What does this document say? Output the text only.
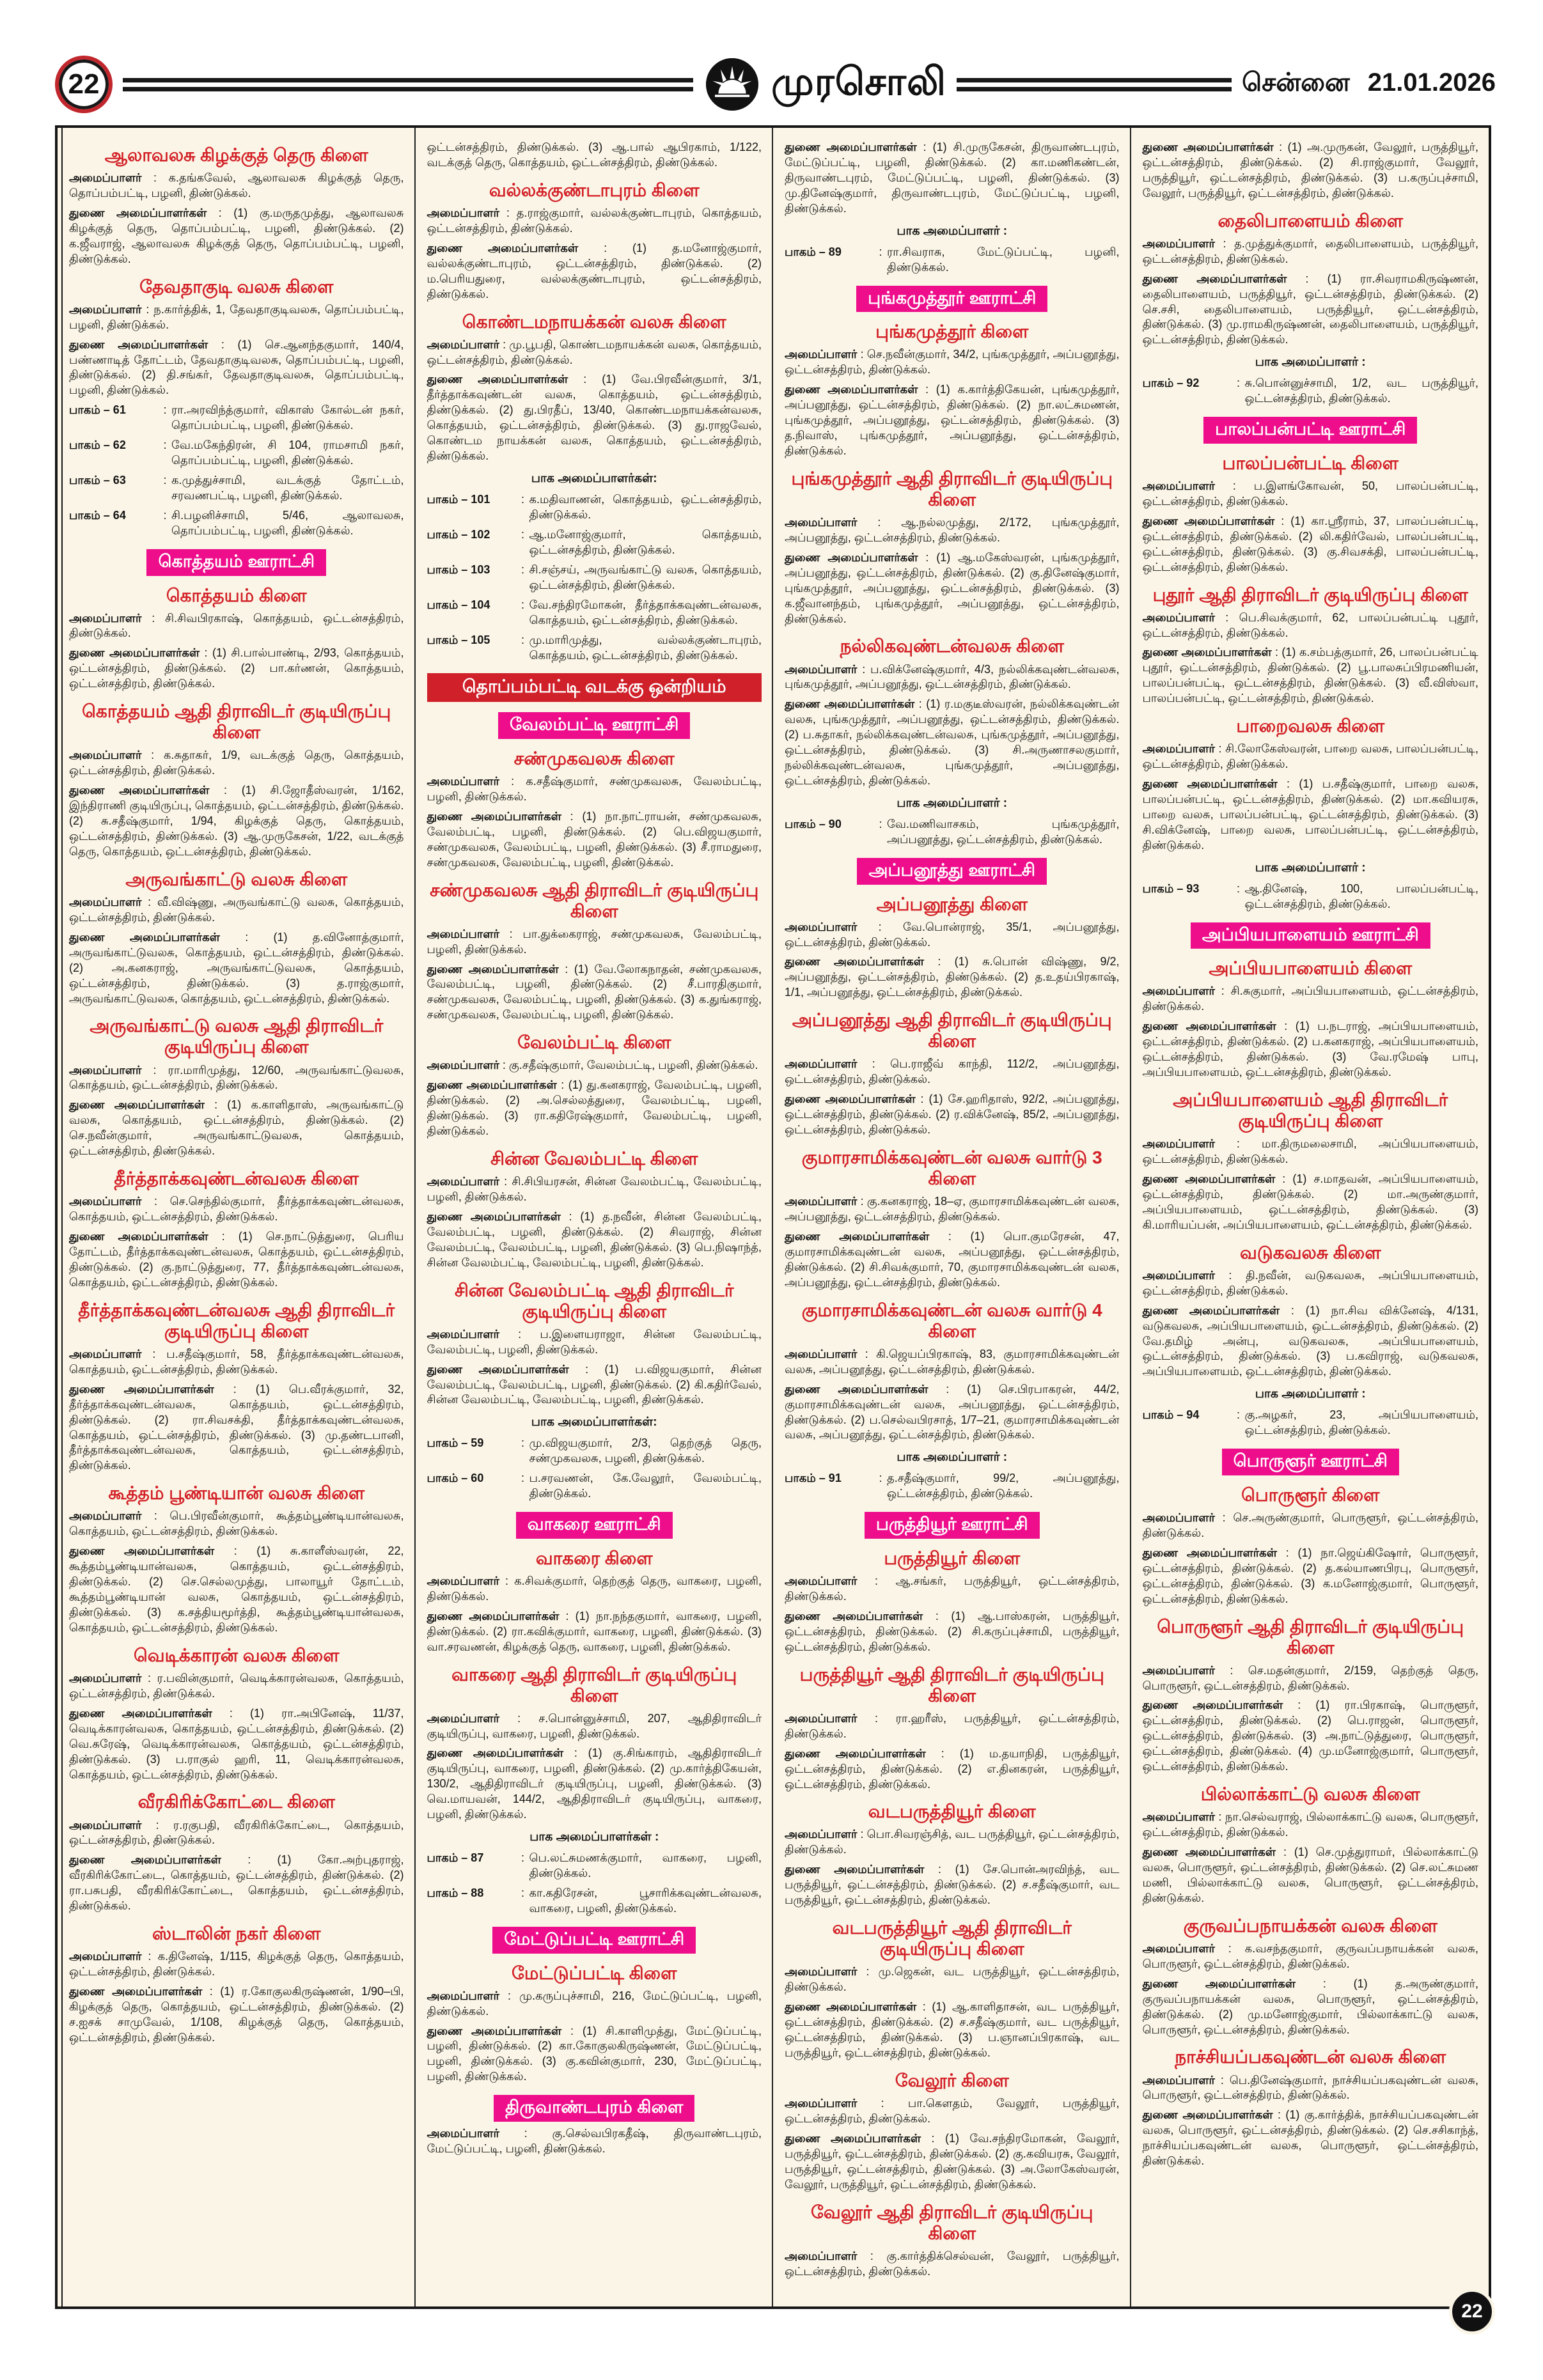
22	முரசொலி	சென்னை 21.01.2026
ஆலாவலசு கிழக்குத் தெரு கிளை
அமைப்பாளர் : க.தங்கவேல், ஆலாவலசு கிழக்குத் தெரு, தொப்பம்பட்டி, பழனி, திண்டுக்கல்.
துணை அமைப்பாளர்கள் : (1) கு.மருதமுத்து, ஆலாவலசு கிழக்குத் தெரு, தொப்பம்பட்டி, பழனி, திண்டுக்கல். (2) க.ஜீவராஜ், ஆலாவலசு கிழக்குத் தெரு, தொப்பம்பட்டி, பழனி, திண்டுக்கல்.
தேவதாகுடி வலசு கிளை
அமைப்பாளர் : ந.கார்த்திக், 1, தேவதாகுடிவலசு, தொப்பம்பட்டி, பழனி, திண்டுக்கல்.
துணை அமைப்பாளர்கள் : (1) செ.ஆனந்தகுமார், 140/4, பண்ணாடித் தோட்டம், தேவதாகுடிவலசு, தொப்பம்பட்டி, பழனி, திண்டுக்கல். (2) தி.சங்கர், தேவதாகுடிவலசு, தொப்பம்பட்டி, பழனி, திண்டுக்கல்.
பாகம் – 61	: ரா.அரவிந்த்குமார், விகாஸ் கோல்டன் நகர், தொப்பம்பட்டி, பழனி, திண்டுக்கல்.
பாகம் – 62	: வே.மகேந்திரன், சி 104, ராமசாமி நகர், தொப்பம்பட்டி, பழனி, திண்டுக்கல்.
பாகம் – 63	: க.முத்துச்சாமி, வடக்குத் தோட்டம், சரவணபட்டி, பழனி, திண்டுக்கல்.
பாகம் – 64	: சி.பழனிச்சாமி, 5/46, ஆலாவலசு, தொப்பம்பட்டி, பழனி, திண்டுக்கல்.
கொத்தயம் ஊராட்சி
கொத்தயம் கிளை
அமைப்பாளர் : சி.சிவபிரகாஷ், கொத்தயம், ஒட்டன்சத்திரம், திண்டுக்கல்.
துணை அமைப்பாளர்கள் : (1) சி.பால்பாண்டி, 2/93, கொத்தயம், ஒட்டன்சத்திரம், திண்டுக்கல். (2) பா.கர்ணன், கொத்தயம், ஒட்டன்சத்திரம், திண்டுக்கல்.
கொத்தயம் ஆதி திராவிடர் குடியிருப்பு கிளை
அமைப்பாளர் : க.சுதாகர், 1/9, வடக்குத் தெரு, கொத்தயம், ஒட்டன்சத்திரம், திண்டுக்கல்.
துணை அமைப்பாளர்கள் : (1) சி.ஜோதீஸ்வரன், 1/162, இந்திராணி குடியிருப்பு, கொத்தயம், ஒட்டன்சத்திரம், திண்டுக்கல். (2) சு.சதீஷ்குமார், 1/94, கிழக்குத் தெரு, கொத்தயம், ஒட்டன்சத்திரம், திண்டுக்கல். (3) ஆ.முருகேசன், 1/22, வடக்குத் தெரு, கொத்தயம், ஒட்டன்சத்திரம், திண்டுக்கல்.
அருவங்காட்டு வலசு கிளை
அமைப்பாளர் : வீ.விஷ்ணு, அருவங்காட்டு வலசு, கொத்தயம், ஒட்டன்சத்திரம், திண்டுக்கல்.
துணை அமைப்பாளர்கள் : (1) த.வினோத்குமார், அருவங்காட்டுவலசு, கொத்தயம், ஒட்டன்சத்திரம், திண்டுக்கல். (2) அ.கனகராஜ், அருவங்காட்டுவலசு, கொத்தயம், ஒட்டன்சத்திரம், திண்டுக்கல். (3) த.ராஜ்குமார், அருவங்காட்டுவலசு, கொத்தயம், ஒட்டன்சத்திரம், திண்டுக்கல்.
அருவங்காட்டு வலசு ஆதி திராவிடர் குடியிருப்பு கிளை
அமைப்பாளர் : ரா.மாரிமுத்து, 12/60, அருவங்காட்டுவலசு, கொத்தயம், ஒட்டன்சத்திரம், திண்டுக்கல்.
துணை அமைப்பாளர்கள் : (1) க.காளிதாஸ், அருவங்காட்டு வலசு, கொத்தயம், ஒட்டன்சத்திரம், திண்டுக்கல். (2) செ.நவீன்குமார், அருவங்காட்டுவலசு, கொத்தயம், ஒட்டன்சத்திரம், திண்டுக்கல்.
தீர்த்தாக்கவுண்டன்வலசு கிளை
அமைப்பாளர் : செ.செந்தில்குமார், தீர்த்தாக்கவுண்டன்வலசு, கொத்தயம், ஒட்டன்சத்திரம், திண்டுக்கல்.
துணை அமைப்பாளர்கள் : (1) செ.நாட்டுத்துரை, பெரிய தோட்டம், தீர்த்தாக்கவுண்டன்வலசு, கொத்தயம், ஒட்டன்சத்திரம், திண்டுக்கல். (2) கு.நாட்டுத்துரை, 77, தீர்த்தாக்கவுண்டன்வலசு, கொத்தயம், ஒட்டன்சத்திரம், திண்டுக்கல்.
தீர்த்தாக்கவுண்டன்வலசு ஆதி திராவிடர் குடியிருப்பு கிளை
அமைப்பாளர் : ப.சதீஷ்குமார், 58, தீர்த்தாக்கவுண்டன்வலசு, கொத்தயம், ஒட்டன்சத்திரம், திண்டுக்கல்.
துணை அமைப்பாளர்கள் : (1) பெ.வீரக்குமார், 32, தீர்த்தாக்கவுண்டன்வலசு, கொத்தயம், ஒட்டன்சத்திரம், திண்டுக்கல். (2) ரா.சிவசக்தி, தீர்த்தாக்கவுண்டன்வலசு, கொத்தயம், ஒட்டன்சத்திரம், திண்டுக்கல். (3) மு.தண்டபானி, தீர்த்தாக்கவுண்டன்வலசு, கொத்தயம், ஒட்டன்சத்திரம், திண்டுக்கல்.
கூத்தம் பூண்டியான் வலசு கிளை
அமைப்பாளர் : பெ.பிரவீன்குமார், கூத்தம்பூண்டியான்வலசு, கொத்தயம், ஒட்டன்சத்திரம், திண்டுக்கல்.
துணை அமைப்பாளர்கள் : (1) சு.காளீஸ்வரன், 22, கூத்தம்பூண்டியான்வலசு, கொத்தயம், ஒட்டன்சத்திரம், திண்டுக்கல். (2) செ.செல்லமுத்து, பாலாயூர் தோட்டம், கூத்தம்பூண்டியான் வலசு, கொத்தயம், ஒட்டன்சத்திரம், திண்டுக்கல். (3) க.சத்தியமூர்த்தி, கூத்தம்பூண்டியான்வலசு, கொத்தயம், ஒட்டன்சத்திரம், திண்டுக்கல்.
வெடிக்காரன் வலசு கிளை
அமைப்பாளர் : ர.பவின்குமார், வெடிக்காரன்வலசு, கொத்தயம், ஒட்டன்சத்திரம், திண்டுக்கல்.
துணை அமைப்பாளர்கள் : (1) ரா.அபினேஷ், 11/37, வெடிக்காரன்வலசு, கொத்தயம், ஒட்டன்சத்திரம், திண்டுக்கல். (2) வெ.சுரேஷ், வெடிக்காரன்வலசு, கொத்தயம், ஒட்டன்சத்திரம், திண்டுக்கல். (3) ப.ராகுல் ஹரி, 11, வெடிக்காரன்வலசு, கொத்தயம், ஒட்டன்சத்திரம், திண்டுக்கல்.
வீரகிரிக்கோட்டை கிளை
அமைப்பாளர் : ர.ரகுபதி, வீரகிரிக்கோட்டை, கொத்தயம், ஒட்டன்சத்திரம், திண்டுக்கல்.
துணை அமைப்பாளர்கள் : (1) கோ.அற்புதராஜ், வீரகிரிக்கோட்டை, கொத்தயம், ஒட்டன்சத்திரம், திண்டுக்கல். (2) ரா.பசுபதி, வீரகிரிக்கோட்டை, கொத்தயம், ஒட்டன்சத்திரம், திண்டுக்கல்.
ஸ்டாலின் நகர் கிளை
அமைப்பாளர் : க.தினேஷ், 1/115, கிழக்குத் தெரு, கொத்தயம், ஒட்டன்சத்திரம், திண்டுக்கல்.
துணை அமைப்பாளர்கள் : (1) ர.கோகுலகிருஷ்ணன், 1/90–பி, கிழக்குத் தெரு, கொத்தயம், ஒட்டன்சத்திரம், திண்டுக்கல். (2) ச.ஐசக் சாமுவேல், 1/108, கிழக்குத் தெரு, கொத்தயம், ஒட்டன்சத்திரம், திண்டுக்கல்.
ஒட்டன்சத்திரம், திண்டுக்கல். (3) ஆ.பால் ஆபிரகாம், 1/122, வடக்குத் தெரு, கொத்தயம், ஒட்டன்சத்திரம், திண்டுக்கல்.
வல்லக்குண்டாபுரம் கிளை
அமைப்பாளர் : த.ராஜ்குமார், வல்லக்குண்டாபுரம், கொத்தயம், ஒட்டன்சத்திரம், திண்டுக்கல்.
துணை அமைப்பாளர்கள் : (1) த.மனோஜ்குமார், வல்லக்குண்டாபுரம், ஒட்டன்சத்திரம், திண்டுக்கல். (2) ம.பெரியதுரை, வல்லக்குண்டாபுரம், ஒட்டன்சத்திரம், திண்டுக்கல்.
கொண்டமநாயக்கன் வலசு கிளை
அமைப்பாளர் : மு.பூபதி, கொண்டமநாயக்கன் வலசு, கொத்தயம், ஒட்டன்சத்திரம், திண்டுக்கல்.
துணை அமைப்பாளர்கள் : (1) வே.பிரவீன்குமார், 3/1, தீர்த்தாக்கவுண்டன் வலசு, கொத்தயம், ஒட்டன்சத்திரம், திண்டுக்கல். (2) து.பிரதீப், 13/40, கொண்டமநாயக்கன்வலசு, கொத்தயம், ஒட்டன்சத்திரம், திண்டுக்கல். (3) து.ராஜவேல், கொண்டம நாயக்கன் வலசு, கொத்தயம், ஒட்டன்சத்திரம், திண்டுக்கல்.
பாக அமைப்பாளர்கள்:
பாகம் – 101	: க.மதிவாணன், கொத்தயம், ஒட்டன்சத்திரம், திண்டுக்கல்.
பாகம் – 102	: ஆ.மனோஜ்குமார், கொத்தயம், ஒட்டன்சத்திரம், திண்டுக்கல்.
பாகம் – 103	: சி.சஞ்சய், அருவங்காட்டு வலசு, கொத்தயம், ஒட்டன்சத்திரம், திண்டுக்கல்.
பாகம் – 104	: வே.சந்திரமோகன், தீர்த்தாக்கவுண்டன்வலசு, கொத்தயம், ஒட்டன்சத்திரம், திண்டுக்கல்.
பாகம் – 105	: மு.மாரிமுத்து, வல்லக்குண்டாபுரம், கொத்தயம், ஒட்டன்சத்திரம், திண்டுக்கல்.
தொப்பம்பட்டி வடக்கு ஒன்றியம்
வேலம்பட்டி ஊராட்சி
சண்முகவலசு கிளை
அமைப்பாளர் : க.சதீஷ்குமார், சண்முகவலசு, வேலம்பட்டி, பழனி, திண்டுக்கல்.
துணை அமைப்பாளர்கள் : (1) நா.நாட்ராயன், சண்முகவலசு, வேலம்பட்டி, பழனி, திண்டுக்கல். (2) பெ.விஜயகுமார், சண்முகவலசு, வேலம்பட்டி, பழனி, திண்டுக்கல். (3) சீ.ராமதுரை, சண்முகவலசு, வேலம்பட்டி, பழனி, திண்டுக்கல்.
சண்முகவலசு ஆதி திராவிடர் குடியிருப்பு கிளை
அமைப்பாளர் : பா.துக்கைராஜ், சண்முகவலசு, வேலம்பட்டி, பழனி, திண்டுக்கல்.
துணை அமைப்பாளர்கள் : (1) வே.லோகநாதன், சண்முகவலசு, வேலம்பட்டி, பழனி, திண்டுக்கல். (2) சீ.பாரதிகுமார், சண்முகவலசு, வேலம்பட்டி, பழனி, திண்டுக்கல். (3) க.துங்கராஜ், சண்முகவலசு, வேலம்பட்டி, பழனி, திண்டுக்கல்.
வேலம்பட்டி கிளை
அமைப்பாளர் : கு.சதீஷ்குமார், வேலம்பட்டி, பழனி, திண்டுக்கல்.
துணை அமைப்பாளர்கள் : (1) து.கனகராஜ், வேலம்பட்டி, பழனி, திண்டுக்கல். (2) அ.செல்லத்துரை, வேலம்பட்டி, பழனி, திண்டுக்கல். (3) ரா.கதிரேஷ்குமார், வேலம்பட்டி, பழனி, திண்டுக்கல்.
சின்ன வேலம்பட்டி கிளை
அமைப்பாளர் : சி.சிபியரசன், சின்ன வேலம்பட்டி, வேலம்பட்டி, பழனி, திண்டுக்கல்.
துணை அமைப்பாளர்கள் : (1) த.நவீன், சின்ன வேலம்பட்டி, வேலம்பட்டி, பழனி, திண்டுக்கல். (2) சிவராஜ், சின்ன வேலம்பட்டி, வேலம்பட்டி, பழனி, திண்டுக்கல். (3) பெ.நிஷாந்த், சின்ன வேலம்பட்டி, வேலம்பட்டி, பழனி, திண்டுக்கல்.
சின்ன வேலம்பட்டி ஆதி திராவிடர் குடியிருப்பு கிளை
அமைப்பாளர் : ப.இளையராஜா, சின்ன வேலம்பட்டி, வேலம்பட்டி, பழனி, திண்டுக்கல்.
துணை அமைப்பாளர்கள் : (1) ப.விஜயகுமார், சின்ன வேலம்பட்டி, வேலம்பட்டி, பழனி, திண்டுக்கல். (2) கி.கதிர்வேல், சின்ன வேலம்பட்டி, வேலம்பட்டி, பழனி, திண்டுக்கல்.
பாக அமைப்பாளர்கள்:
பாகம் – 59	: மு.விஜயகுமார், 2/3, தெற்குத் தெரு, சண்முகவலசு, பழனி, திண்டுக்கல்.
பாகம் – 60	: ப.சரவணன், கே.வேலூர், வேலம்பட்டி, திண்டுக்கல்.
வாகரை ஊராட்சி
வாகரை கிளை
அமைப்பாளர் : க.சிவக்குமார், தெற்குத் தெரு, வாகரை, பழனி, திண்டுக்கல்.
துணை அமைப்பாளர்கள் : (1) நா.நந்தகுமார், வாகரை, பழனி, திண்டுக்கல். (2) ரா.கவிக்குமார், வாகரை, பழனி, திண்டுக்கல். (3) வா.சரவணன், கிழக்குத் தெரு, வாகரை, பழனி, திண்டுக்கல்.
வாகரை ஆதி திராவிடர் குடியிருப்பு கிளை
அமைப்பாளர் : ச.பொன்னுச்சாமி, 207, ஆதிதிராவிடர் குடியிருப்பு, வாகரை, பழனி, திண்டுக்கல்.
துணை அமைப்பாளர்கள் : (1) கு.சிங்காரம், ஆதிதிராவிடர் குடியிருப்பு, வாகரை, பழனி, திண்டுக்கல். (2) மு.கார்த்திகேயன், 130/2, ஆதிதிராவிடர் குடியிருப்பு, பழனி, திண்டுக்கல். (3) வெ.மாயவன், 144/2, ஆதிதிராவிடர் குடியிருப்பு, வாகரை, பழனி, திண்டுக்கல்.
பாக அமைப்பாளர்கள் :
பாகம் – 87	: பெ.லட்சுமணக்குமார், வாகரை, பழனி, திண்டுக்கல்.
பாகம் – 88	: கா.கதிரேசன், பூசாரிக்கவுண்டன்வலசு, வாகரை, பழனி, திண்டுக்கல்.
மேட்டுப்பட்டி ஊராட்சி
மேட்டுப்பட்டி கிளை
அமைப்பாளர் : மு.கருப்புச்சாமி, 216, மேட்டுப்பட்டி, பழனி, திண்டுக்கல்.
துணை அமைப்பாளர்கள் : (1) சி.காளிமுத்து, மேட்டுப்பட்டி, பழனி, திண்டுக்கல். (2) கா.கோகுலகிருஷ்ணன், மேட்டுப்பட்டி, பழனி, திண்டுக்கல். (3) கு.கவின்குமார், 230, மேட்டுப்பட்டி, பழனி, திண்டுக்கல்.
திருவாண்டபுரம் கிளை
அமைப்பாளர் : கு.செல்வபிரகதீஷ், திருவாண்டபுரம், மேட்டுப்பட்டி, பழனி, திண்டுக்கல்.
துணை அமைப்பாளர்கள் : (1) சி.முருகேசன், திருவாண்டபுரம், மேட்டுப்பட்டி, பழனி, திண்டுக்கல். (2) கா.மணிகண்டன், திருவாண்டபுரம், மேட்டுப்பட்டி, பழனி, திண்டுக்கல். (3) மு.தினேஷ்குமார், திருவாண்டபுரம், மேட்டுப்பட்டி, பழனி, திண்டுக்கல்.
பாக அமைப்பாளர் :
பாகம் – 89	: ரா.சிவராசு, மேட்டுப்பட்டி, பழனி, திண்டுக்கல்.
புங்கமுத்தூர் ஊராட்சி
புங்கமுத்தூர் கிளை
அமைப்பாளர் : செ.நவீன்குமார், 34/2, புங்கமுத்தூர், அப்பனூத்து, ஒட்டன்சத்திரம், திண்டுக்கல்.
துணை அமைப்பாளர்கள் : (1) க.கார்த்திகேயன், புங்கமுத்தூர், அப்பனூத்து, ஒட்டன்சத்திரம், திண்டுக்கல். (2) நா.லட்சுமணன், புங்கமுத்தூர், அப்பனூத்து, ஒட்டன்சத்திரம், திண்டுக்கல். (3) த.நிவாஸ், புங்கமுத்தூர், அப்பனூத்து, ஒட்டன்சத்திரம், திண்டுக்கல்.
புங்கமுத்தூர் ஆதி திராவிடர் குடியிருப்பு கிளை
அமைப்பாளர் : ஆ.நல்லமுத்து, 2/172, புங்கமுத்தூர், அப்பனூத்து, ஒட்டன்சத்திரம், திண்டுக்கல்.
துணை அமைப்பாளர்கள் : (1) ஆ.மகேஸ்வரன், புங்கமுத்தூர், அப்பனூத்து, ஒட்டன்சத்திரம், திண்டுக்கல். (2) கு.தினேஷ்குமார், புங்கமுத்தூர், அப்பனூத்து, ஒட்டன்சத்திரம், திண்டுக்கல். (3) க.ஜீவானந்தம், புங்கமுத்தூர், அப்பனூத்து, ஒட்டன்சத்திரம், திண்டுக்கல்.
நல்லிகவுண்டன்வலசு கிளை
அமைப்பாளர் : ப.விக்னேஷ்குமார், 4/3, நல்லிக்கவுண்டன்வலசு, புங்கமுத்தூர், அப்பனூத்து, ஒட்டன்சத்திரம், திண்டுக்கல்.
துணை அமைப்பாளர்கள் : (1) ர.மகுடீஸ்வரன், நல்லிக்கவுண்டன் வலசு, புங்கமுத்தூர், அப்பனூத்து, ஒட்டன்சத்திரம், திண்டுக்கல். (2) ப.சுதாகர், நல்லிக்கவுண்டன்வலசு, புங்கமுத்தூர், அப்பனூத்து, ஒட்டன்சத்திரம், திண்டுக்கல். (3) சி.அருணாசலகுமார், நல்லிக்கவுண்டன்வலசு, புங்கமுத்தூர், அப்பனூத்து, ஒட்டன்சத்திரம், திண்டுக்கல்.
பாக அமைப்பாளர் :
பாகம் – 90	: வே.மணிவாசகம், புங்கமுத்தூர், அப்பனூத்து, ஒட்டன்சத்திரம், திண்டுக்கல்.
அப்பனூத்து ஊராட்சி
அப்பனூத்து கிளை
அமைப்பாளர் : வே.பொன்ராஜ், 35/1, அப்பனூத்து, ஒட்டன்சத்திரம், திண்டுக்கல்.
துணை அமைப்பாளர்கள் : (1) சு.பொன் விஷ்ணு, 9/2, அப்பனூத்து, ஒட்டன்சத்திரம், திண்டுக்கல். (2) த.உதய்பிரகாஷ், 1/1, அப்பனூத்து, ஒட்டன்சத்திரம், திண்டுக்கல்.
அப்பனூத்து ஆதி திராவிடர் குடியிருப்பு கிளை
அமைப்பாளர் : பெ.ராஜீவ் காந்தி, 112/2, அப்பனூத்து, ஒட்டன்சத்திரம், திண்டுக்கல்.
துணை அமைப்பாளர்கள் : (1) சே.ஹரிதாஸ், 92/2, அப்பனூத்து, ஒட்டன்சத்திரம், திண்டுக்கல். (2) ர.விக்னேஷ், 85/2, அப்பனூத்து, ஒட்டன்சத்திரம், திண்டுக்கல்.
குமாரசாமிக்கவுண்டன் வலசு வார்டு 3 கிளை
அமைப்பாளர் : கு.கனகராஜ், 18–ஏ, குமாரசாமிக்கவுண்டன் வலசு, அப்பனூத்து, ஒட்டன்சத்திரம், திண்டுக்கல்.
துணை அமைப்பாளர்கள் : (1) பொ.குமரேசன், 47, குமாரசாமிக்கவுண்டன் வலசு, அப்பனூத்து, ஒட்டன்சத்திரம், திண்டுக்கல். (2) சி.சிவக்குமார், 70, குமாரசாமிக்கவுண்டன் வலசு, அப்பனூத்து, ஒட்டன்சத்திரம், திண்டுக்கல்.
குமாரசாமிக்கவுண்டன் வலசு வார்டு 4 கிளை
அமைப்பாளர் : கி.ஜெயப்பிரகாஷ், 83, குமாரசாமிக்கவுண்டன் வலசு, அப்பனூத்து, ஒட்டன்சத்திரம், திண்டுக்கல்.
துணை அமைப்பாளர்கள் : (1) செ.பிரபாகரன், 44/2, குமாரசாமிக்கவுண்டன் வலசு, அப்பனூத்து, ஒட்டன்சத்திரம், திண்டுக்கல். (2) ப.செல்வபிரசாத், 1/7–21, குமாரசாமிக்கவுண்டன் வலசு, அப்பனூத்து, ஒட்டன்சத்திரம், திண்டுக்கல்.
பாக அமைப்பாளர் :
பாகம் – 91	: த.சதீஷ்குமார், 99/2, அப்பனூத்து, ஒட்டன்சத்திரம், திண்டுக்கல்.
பருத்தியூர் ஊராட்சி
பருத்தியூர் கிளை
அமைப்பாளர் : ஆ.சங்கர், பருத்தியூர், ஒட்டன்சத்திரம், திண்டுக்கல்.
துணை அமைப்பாளர்கள் : (1) ஆ.பாஸ்கரன், பருத்தியூர், ஒட்டன்சத்திரம், திண்டுக்கல். (2) சி.கருப்புச்சாமி, பருத்தியூர், ஒட்டன்சத்திரம், திண்டுக்கல்.
பருத்தியூர் ஆதி திராவிடர் குடியிருப்பு கிளை
அமைப்பாளர் : ரா.ஹரீஸ், பருத்தியூர், ஒட்டன்சத்திரம், திண்டுக்கல்.
துணை அமைப்பாளர்கள் : (1) ம.தயாநிதி, பருத்தியூர், ஒட்டன்சத்திரம், திண்டுக்கல். (2) எ.தினகரன், பருத்தியூர், ஒட்டன்சத்திரம், திண்டுக்கல்.
வடபருத்தியூர் கிளை
அமைப்பாளர் : பொ.சிவரஞ்சித், வட பருத்தியூர், ஒட்டன்சத்திரம், திண்டுக்கல்.
துணை அமைப்பாளர்கள் : (1) சே.பொன்அரவிந்த், வட பருத்தியூர், ஒட்டன்சத்திரம், திண்டுக்கல். (2) ச.சதீஷ்குமார், வட பருத்தியூர், ஒட்டன்சத்திரம், திண்டுக்கல்.
வடபருத்தியூர் ஆதி திராவிடர் குடியிருப்பு கிளை
அமைப்பாளர் : மு.ஜெகன், வட பருத்தியூர், ஒட்டன்சத்திரம், திண்டுக்கல்.
துணை அமைப்பாளர்கள் : (1) ஆ.காளிதாசன், வட பருத்தியூர், ஒட்டன்சத்திரம், திண்டுக்கல். (2) ச.சதீஷ்குமார், வட பருத்தியூர், ஒட்டன்சத்திரம், திண்டுக்கல். (3) ப.ஞானப்பிரகாஷ், வட பருத்தியூர், ஒட்டன்சத்திரம், திண்டுக்கல்.
வேலூர் கிளை
அமைப்பாளர் : பா.கௌதம், வேலூர், பருத்தியூர், ஒட்டன்சத்திரம், திண்டுக்கல்.
துணை அமைப்பாளர்கள் : (1) வே.சந்திரமோகன், வேலூர், பருத்தியூர், ஒட்டன்சத்திரம், திண்டுக்கல். (2) கு.கவியரசு, வேலூர், பருத்தியூர், ஒட்டன்சத்திரம், திண்டுக்கல். (3) அ.லோகேஸ்வரன், வேலூர், பருத்தியூர், ஒட்டன்சத்திரம், திண்டுக்கல்.
வேலூர் ஆதி திராவிடர் குடியிருப்பு கிளை
அமைப்பாளர் : கு.கார்த்திக்செல்வன், வேலூர், பருத்தியூர், ஒட்டன்சத்திரம், திண்டுக்கல்.
துணை அமைப்பாளர்கள் : (1) அ.முருகன், வேலூர், பருத்தியூர், ஒட்டன்சத்திரம், திண்டுக்கல். (2) சி.ராஜ்குமார், வேலூர், பருத்தியூர், ஒட்டன்சத்திரம், திண்டுக்கல். (3) ப.கருப்புச்சாமி, வேலூர், பருத்தியூர், ஒட்டன்சத்திரம், திண்டுக்கல்.
தைலிபாளையம் கிளை
அமைப்பாளர் : த.முத்துக்குமார், தைலிபாளையம், பருத்தியூர், ஒட்டன்சத்திரம், திண்டுக்கல்.
துணை அமைப்பாளர்கள் : (1) ரா.சிவராமகிருஷ்ணன், தைலிபாளையம், பருத்தியூர், ஒட்டன்சத்திரம், திண்டுக்கல். (2) செ.சசி, தைலிபாளையம், பருத்தியூர், ஒட்டன்சத்திரம், திண்டுக்கல். (3) மு.ராமகிருஷ்ணன், தைலிபாளையம், பருத்தியூர், ஒட்டன்சத்திரம், திண்டுக்கல்.
பாக அமைப்பாளர் :
பாகம் – 92	: சு.பொன்னுச்சாமி, 1/2, வட பருத்தியூர், ஒட்டன்சத்திரம், திண்டுக்கல்.
பாலப்பன்பட்டி ஊராட்சி
பாலப்பன்பட்டி கிளை
அமைப்பாளர் : ப.இளங்கோவன், 50, பாலப்பன்பட்டி, ஒட்டன்சத்திரம், திண்டுக்கல்.
துணை அமைப்பாளர்கள் : (1) கா.ஸ்ரீராம், 37, பாலப்பன்பட்டி, ஒட்டன்சத்திரம், திண்டுக்கல். (2) லி.கதிர்வேல், பாலப்பன்பட்டி, ஒட்டன்சத்திரம், திண்டுக்கல். (3) கு.சிவசக்தி, பாலப்பன்பட்டி, ஒட்டன்சத்திரம், திண்டுக்கல்.
புதூர் ஆதி திராவிடர் குடியிருப்பு கிளை
அமைப்பாளர் : பெ.சிவக்குமார், 62, பாலப்பன்பட்டி புதூர், ஒட்டன்சத்திரம், திண்டுக்கல்.
துணை அமைப்பாளர்கள் : (1) க.சம்பத்குமார், 26, பாலப்பன்பட்டி புதூர், ஒட்டன்சத்திரம், திண்டுக்கல். (2) பூ.பாலசுப்பிரமணியன், பாலப்பன்பட்டி, ஒட்டன்சத்திரம், திண்டுக்கல். (3) வீ.விஸ்வா, பாலப்பன்பட்டி, ஒட்டன்சத்திரம், திண்டுக்கல்.
பாறைவலசு கிளை
அமைப்பாளர் : சி.லோகேஸ்வரன், பாறை வலசு, பாலப்பன்பட்டி, ஒட்டன்சத்திரம், திண்டுக்கல்.
துணை அமைப்பாளர்கள் : (1) ப.சதீஷ்குமார், பாறை வலசு, பாலப்பன்பட்டி, ஒட்டன்சத்திரம், திண்டுக்கல். (2) மா.கவியரசு, பாறை வலசு, பாலப்பன்பட்டி, ஒட்டன்சத்திரம், திண்டுக்கல். (3) சி.விக்னேஷ், பாறை வலசு, பாலப்பன்பட்டி, ஒட்டன்சத்திரம், திண்டுக்கல்.
பாக அமைப்பாளர் :
பாகம் – 93	: ஆ.தினேஷ், 100, பாலப்பன்பட்டி, ஒட்டன்சத்திரம், திண்டுக்கல்.
அப்பியபாளையம் ஊராட்சி
அப்பியபாளையம் கிளை
அமைப்பாளர் : சி.சுகுமார், அப்பியபாளையம், ஒட்டன்சத்திரம், திண்டுக்கல்.
துணை அமைப்பாளர்கள் : (1) ப.நடராஜ், அப்பியபாளையம், ஒட்டன்சத்திரம், திண்டுக்கல். (2) ப.கனகராஜ், அப்பியபாளையம், ஒட்டன்சத்திரம், திண்டுக்கல். (3) வே.ரமேஷ் பாபு, அப்பியபாளையம், ஒட்டன்சத்திரம், திண்டுக்கல்.
அப்பியபாளையம் ஆதி திராவிடர் குடியிருப்பு கிளை
அமைப்பாளர் : மா.திருமலைசாமி, அப்பியபாளையம், ஒட்டன்சத்திரம், திண்டுக்கல்.
துணை அமைப்பாளர்கள் : (1) ச.மாதவன், அப்பியபாளையம், ஒட்டன்சத்திரம், திண்டுக்கல். (2) மா.அருண்குமார், அப்பியபாளையம், ஒட்டன்சத்திரம், திண்டுக்கல். (3) கி.மாரியப்பன், அப்பியபாளையம், ஒட்டன்சத்திரம், திண்டுக்கல்.
வடுகவலசு கிளை
அமைப்பாளர் : தி.நவீன், வடுகவலசு, அப்பியபாளையம், ஒட்டன்சத்திரம், திண்டுக்கல்.
துணை அமைப்பாளர்கள் : (1) நா.சிவ விக்னேஷ், 4/131, வடுகவலசு, அப்பியபாளையம், ஒட்டன்சத்திரம், திண்டுக்கல். (2) வே.தமிழ் அன்பு, வடுகவலசு, அப்பியபாளையம், ஒட்டன்சத்திரம், திண்டுக்கல். (3) ப.கவிராஜ், வடுகவலசு, அப்பியபாளையம், ஒட்டன்சத்திரம், திண்டுக்கல்.
பாக அமைப்பாளர் :
பாகம் – 94	: கு.அழகர், 23, அப்பியபாளையம், ஒட்டன்சத்திரம், திண்டுக்கல்.
பொருளூர் ஊராட்சி
பொருளூர் கிளை
அமைப்பாளர் : செ.அருண்குமார், பொருளூர், ஒட்டன்சத்திரம், திண்டுக்கல்.
துணை அமைப்பாளர்கள் : (1) நா.ஜெய்கிஷோர், பொருளூர், ஒட்டன்சத்திரம், திண்டுக்கல். (2) த.கல்யாணபிரபு, பொருளூர், ஒட்டன்சத்திரம், திண்டுக்கல். (3) க.மனோஜ்குமார், பொருளூர், ஒட்டன்சத்திரம், திண்டுக்கல்.
பொருளூர் ஆதி திராவிடர் குடியிருப்பு கிளை
அமைப்பாளர் : செ.மதன்குமார், 2/159, தெற்குத் தெரு, பொருளூர், ஒட்டன்சத்திரம், திண்டுக்கல்.
துணை அமைப்பாளர்கள் : (1) ரா.பிரகாஷ், பொருளூர், ஒட்டன்சத்திரம், திண்டுக்கல். (2) பெ.ராஜன், பொருளூர், ஒட்டன்சத்திரம், திண்டுக்கல். (3) அ.நாட்டுத்துரை, பொருளூர், ஒட்டன்சத்திரம், திண்டுக்கல். (4) மு.மனோஜ்குமார், பொருளூர், ஒட்டன்சத்திரம், திண்டுக்கல்.
பில்லாக்காட்டு வலசு கிளை
அமைப்பாளர் : நா.செல்வராஜ், பில்லாக்காட்டு வலசு, பொருளூர், ஒட்டன்சத்திரம், திண்டுக்கல்.
துணை அமைப்பாளர்கள் : (1) செ.முத்துராமர், பில்லாக்காட்டு வலசு, பொருளூர், ஒட்டன்சத்திரம், திண்டுக்கல். (2) செ.லட்சுமண மணி, பில்லாக்காட்டு வலசு, பொருளூர், ஒட்டன்சத்திரம், திண்டுக்கல்.
குருவப்பநாயக்கன் வலசு கிளை
அமைப்பாளர் : க.வசந்தகுமார், குருவப்பநாயக்கன் வலசு, பொருளூர், ஒட்டன்சத்திரம், திண்டுக்கல்.
துணை அமைப்பாளர்கள் : (1) த.அருண்குமார், குருவப்பநாயக்கன் வலசு, பொருளூர், ஒட்டன்சத்திரம், திண்டுக்கல். (2) மு.மனோஜ்குமார், பில்லாக்காட்டு வலசு, பொருளூர், ஒட்டன்சத்திரம், திண்டுக்கல்.
நாச்சியப்பகவுண்டன் வலசு கிளை
அமைப்பாளர் : பெ.தினேஷ்குமார், நாச்சியப்பகவுண்டன் வலசு, பொருளூர், ஒட்டன்சத்திரம், திண்டுக்கல்.
துணை அமைப்பாளர்கள் : (1) கு.கார்த்திக், நாச்சியப்பகவுண்டன் வலசு, பொருளூர், ஒட்டன்சத்திரம், திண்டுக்கல். (2) செ.சசிகாந்த், நாச்சியப்பகவுண்டன் வலசு, பொருளூர், ஒட்டன்சத்திரம், திண்டுக்கல்.
22
